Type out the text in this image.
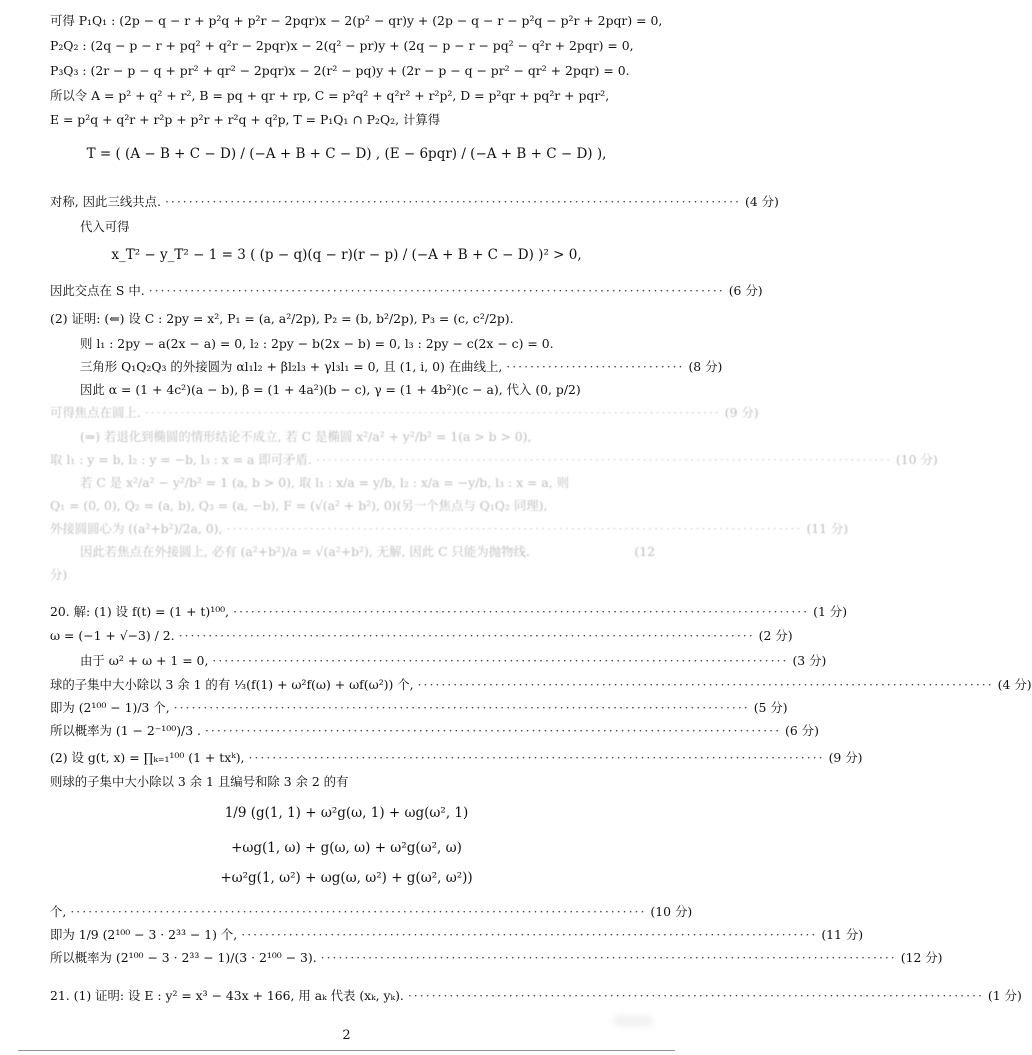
可得 P₁Q₁ : (2p − q − r + p²q + p²r − 2pqr)x − 2(p² − qr)y + (2p − q − r − p²q − p²r + 2pqr) = 0,
P₂Q₂ : (2q − p − r + pq² + q²r − 2pqr)x − 2(q² − pr)y + (2q − p − r − pq² − q²r + 2pqr) = 0,
P₃Q₃ : (2r − p − q + pr² + qr² − 2pqr)x − 2(r² − pq)y + (2r − p − q − pr² − qr² + 2pqr) = 0.
所以令 A = p² + q² + r², B = pq + qr + rp, C = p²q² + q²r² + r²p², D = p²qr + pq²r + pqr²,
E = p²q + q²r + r²p + p²r + r²q + q²p, T = P₁Q₁ ∩ P₂Q₂, 计算得
T = ( (A − B + C − D) / (−A + B + C − D) , (E − 6pqr) / (−A + B + C − D) ),
对称, 因此三线共点. ································································································· (4 分)
代入可得
x_T² − y_T² − 1 = 3 ( (p − q)(q − r)(r − p) / (−A + B + C − D) )² > 0,
因此交点在 S 中. ································································································· (6 分)
(2) 证明: (⇐) 设 C : 2py = x², P₁ = (a, a²/2p), P₂ = (b, b²/2p), P₃ = (c, c²/2p).
则 l₁ : 2py − a(2x − a) = 0, l₂ : 2py − b(2x − b) = 0, l₃ : 2py − c(2x − c) = 0.
三角形 Q₁Q₂Q₃ 的外接圆为 αl₁l₂ + βl₂l₃ + γl₃l₁ = 0, 且 (1, i, 0) 在曲线上, ······························ (8 分)
因此 α = (1 + 4c²)(a − b), β = (1 + 4a²)(b − c), γ = (1 + 4b²)(c − a), 代入 (0, p/2)
可得焦点在圆上. ································································································· (9 分)
(⇒) 若退化到椭圆的情形结论不成立, 若 C 是椭圆 x²/a² + y²/b² = 1(a > b > 0),
取 l₁ : y = b, l₂ : y = −b, l₃ : x = a 即可矛盾. ································································································· (10 分)
若 C 是 x²/a² − y²/b² = 1 (a, b > 0), 取 l₁ : x/a = y/b, l₂ : x/a = −y/b, l₃ : x = a, 则
Q₁ = (0, 0), Q₂ = (a, b), Q₃ = (a, −b), F = (√(a² + b²), 0)(另一个焦点与 Q₁Q₂ 同理),
外接圆圆心为 ((a²+b²)/2a, 0), ································································································· (11 分)
因此若焦点在外接圆上, 必有 (a²+b²)/a = √(a²+b²), 无解, 因此 C 只能为抛物线.	(12
分)
20. 解: (1) 设 f(t) = (1 + t)¹⁰⁰, ································································································· (1 分)
ω = (−1 + √−3) / 2. ································································································· (2 分)
由于 ω² + ω + 1 = 0, ································································································· (3 分)
球的子集中大小除以 3 余 1 的有 ⅓(f(1) + ω²f(ω) + ωf(ω²)) 个, ································································································· (4 分)
即为 (2¹⁰⁰ − 1)/3 个, ································································································· (5 分)
所以概率为 (1 − 2⁻¹⁰⁰)/3 . ································································································· (6 分)
(2) 设 g(t, x) = ∏ₖ₌₁¹⁰⁰ (1 + txᵏ), ································································································· (9 分)
则球的子集中大小除以 3 余 1 且编号和除 3 余 2 的有
1/9 (g(1, 1) + ω²g(ω, 1) + ωg(ω², 1)
+ωg(1, ω) + g(ω, ω) + ω²g(ω², ω)
+ω²g(1, ω²) + ωg(ω, ω²) + g(ω², ω²))
个, ································································································· (10 分)
即为 1/9 (2¹⁰⁰ − 3 · 2³³ − 1) 个, ································································································· (11 分)
所以概率为 (2¹⁰⁰ − 3 · 2³³ − 1)/(3 · 2¹⁰⁰ − 3). ································································································· (12 分)
21. (1) 证明: 设 E : y² = x³ − 43x + 166, 用 aₖ 代表 (xₖ, yₖ). ································································································· (1 分)
2
